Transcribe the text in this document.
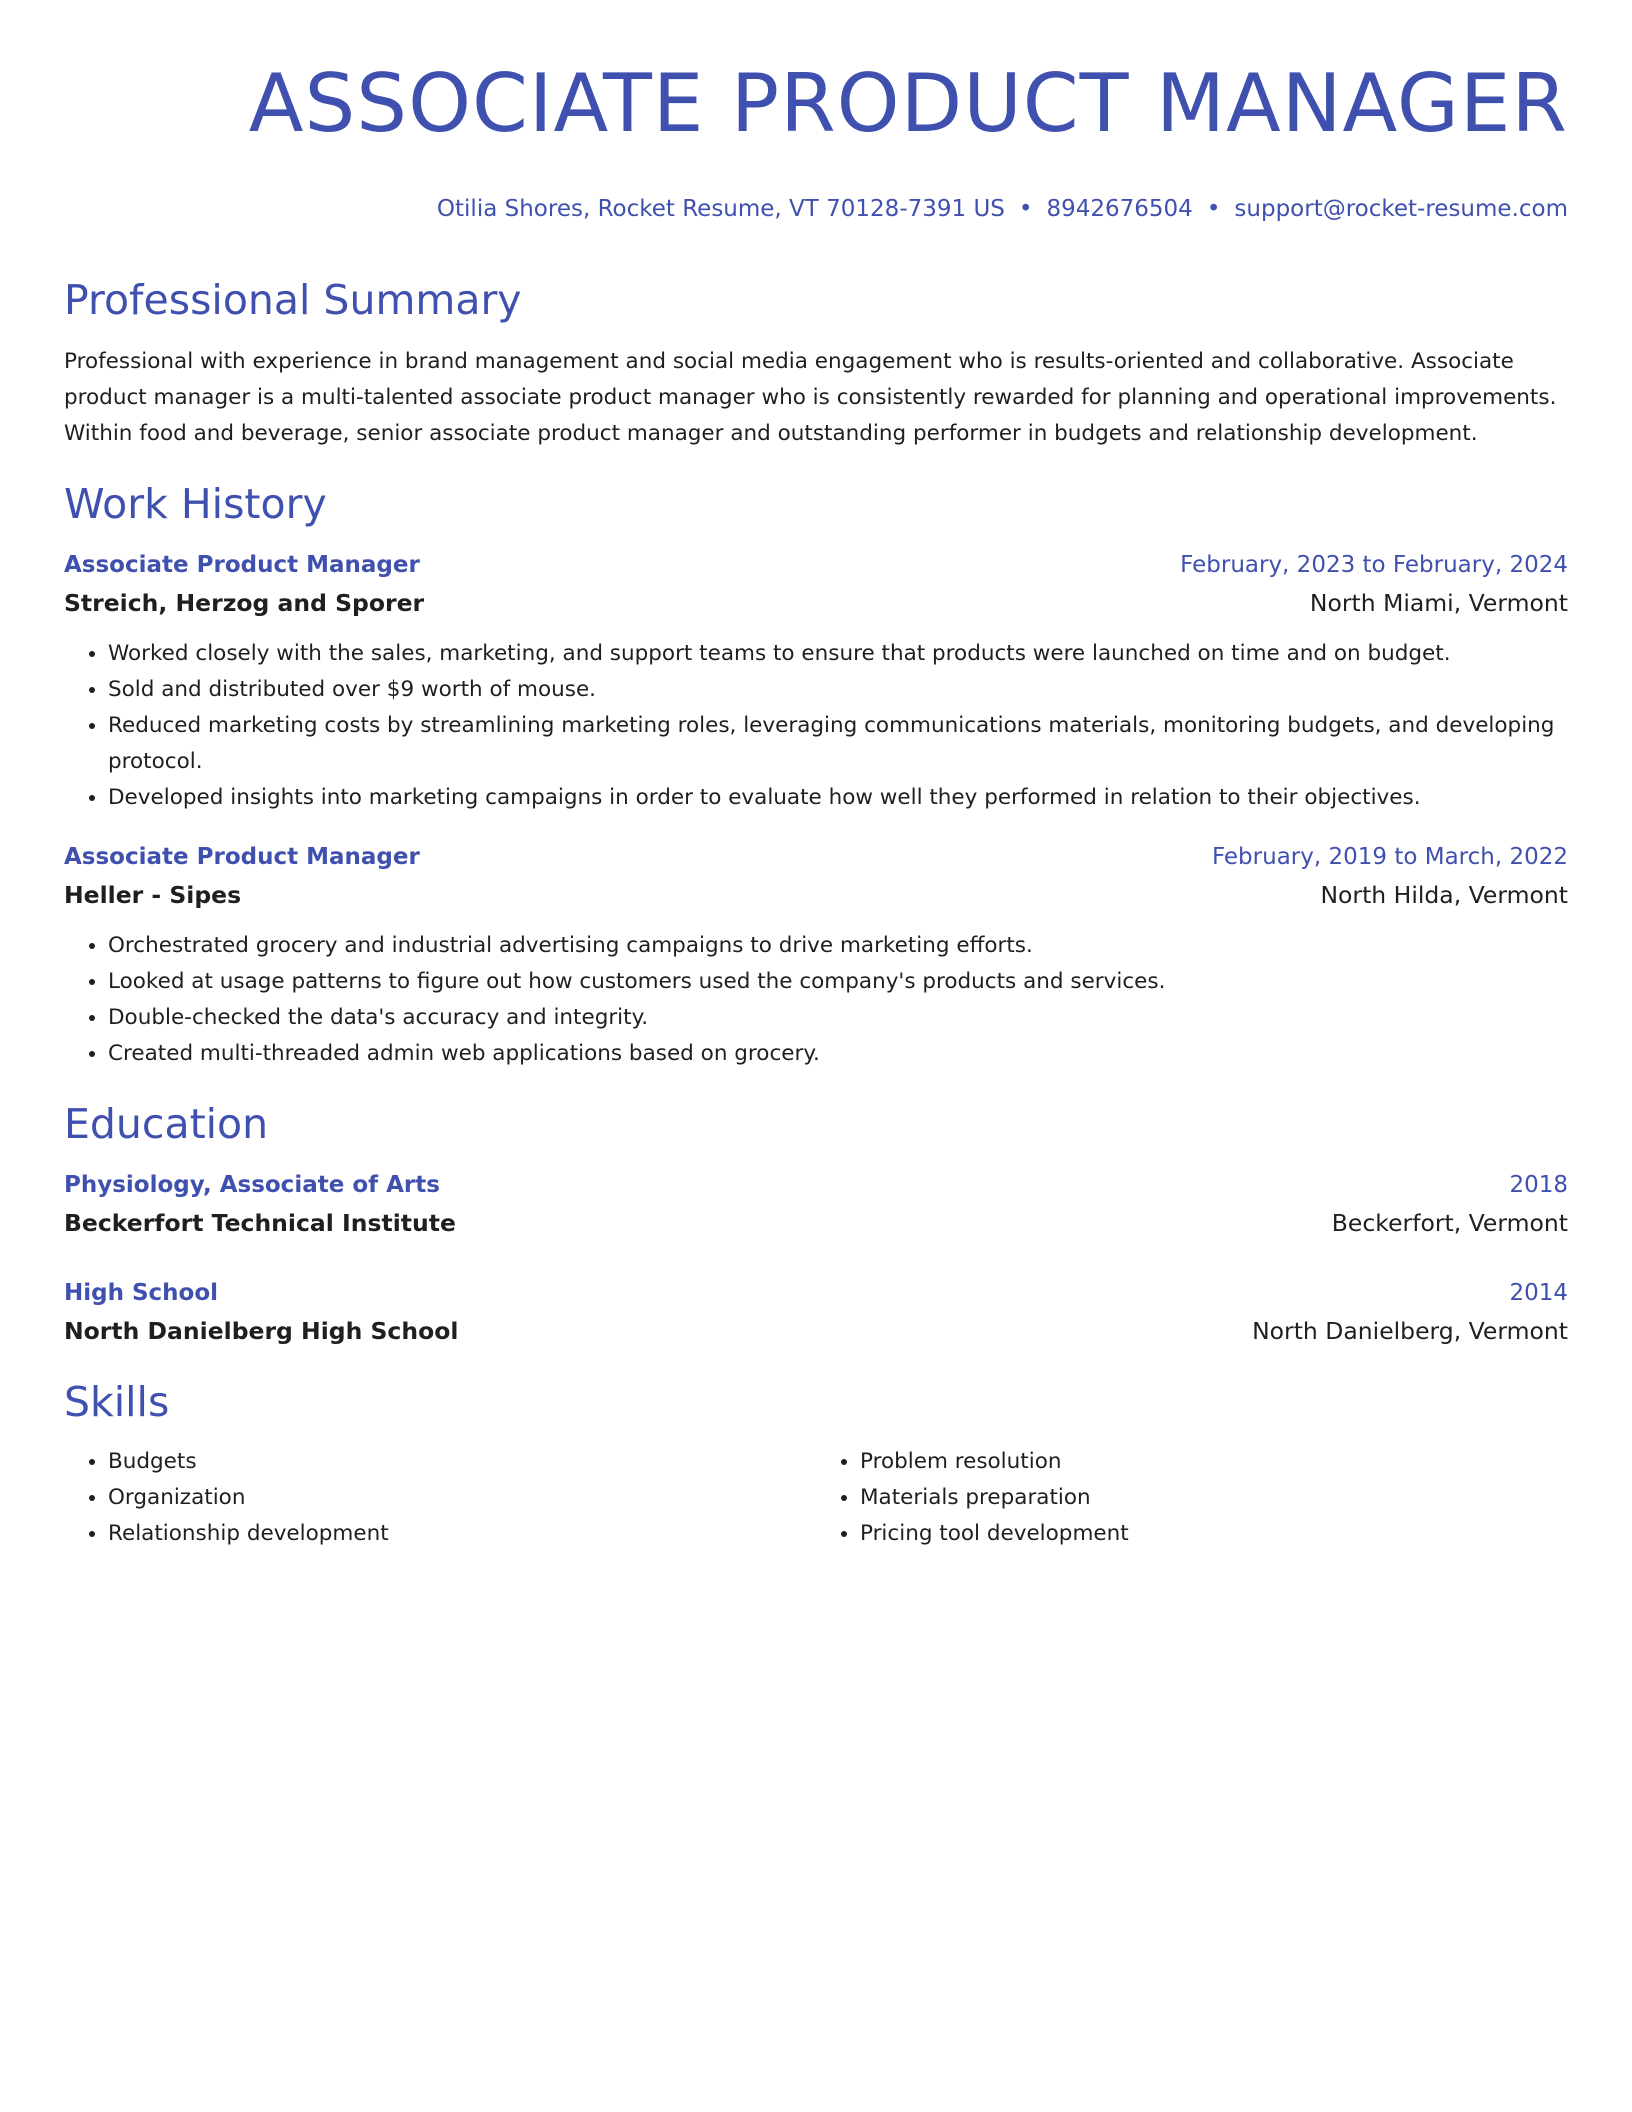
ASSOCIATE PRODUCT MANAGER
Otilia Shores, Rocket Resume, VT 70128-7391 US • 8942676504 • support@rocket-resume.com
Professional Summary

Professional with experience in brand management and social media engagement who is results-oriented and collaborative. Associate product manager is a multi-talented associate product manager who is consistently rewarded for planning and operational improvements. Within food and beverage, senior associate product manager and outstanding performer in budgets and relationship development.

Work History
Associate Product Manager	February, 2023 to February, 2024
Streich, Herzog and Sporer	North Miami, Vermont
• Worked closely with the sales, marketing, and support teams to ensure that products were launched on time and on budget.
• Sold and distributed over $9 worth of mouse.
• Reduced marketing costs by streamlining marketing roles, leveraging communications materials, monitoring budgets, and developing protocol.
• Developed insights into marketing campaigns in order to evaluate how well they performed in relation to their objectives.
Associate Product Manager	February, 2019 to March, 2022
Heller - Sipes	North Hilda, Vermont
• Orchestrated grocery and industrial advertising campaigns to drive marketing efforts.
• Looked at usage patterns to figure out how customers used the company's products and services.
• Double-checked the data's accuracy and integrity.
• Created multi-threaded admin web applications based on grocery.
Education
Physiology, Associate of Arts	2018
Beckerfort Technical Institute	Beckerfort, Vermont
High School	2014
North Danielberg High School	North Danielberg, Vermont
Skills
• Budgets
• Organization
• Relationship development
• Problem resolution
• Materials preparation
• Pricing tool development
